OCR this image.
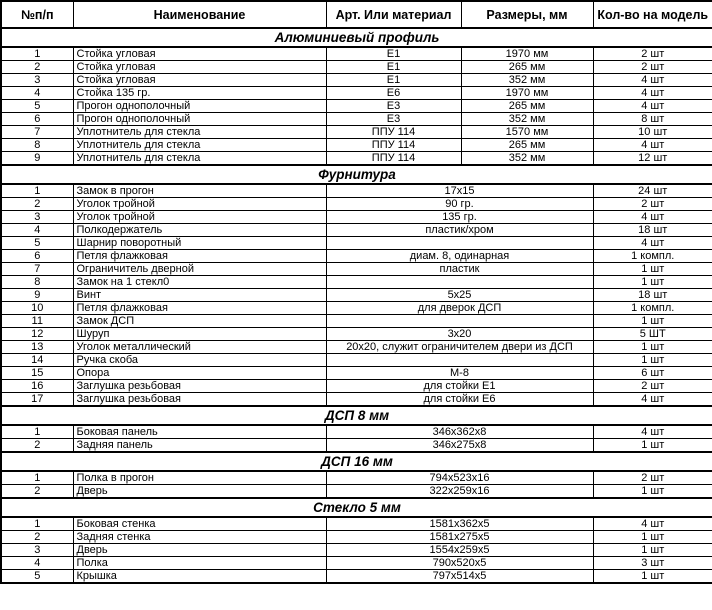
№п/п	Наименование	Арт. Или материал	Размеры, мм	Кол-во на модель
Алюминиевый профиль				
1	Стойка угловая	Е1	1970 мм	2 шт
2	Стойка угловая	Е1	265 мм	2 шт
3	Стойка угловая	Е1	352 мм	4 шт
4	Стойка 135 гр.	Е6	1970 мм	4 шт
5	Прогон однополочный	Е3	265 мм	4 шт
6	Прогон однополочный	Е3	352 мм	8 шт
7	Уплотнитель для стекла	ППУ 114	1570 мм	10 шт
8	Уплотнитель для стекла	ППУ 114	265 мм	4 шт
9	Уплотнитель для стекла	ППУ 114	352 мм	12 шт
Фурнитура				
1	Замок в прогон	17х15		24 шт
2	Уголок тройной	90 гр.		2 шт
3	Уголок тройной	135 гр.		4 шт
4	Полкодержатель	пластик/хром		18 шт
5	Шарнир поворотный			4 шт
6	Петля флажковая	диам. 8, одинарная		1 компл.
7	Ограничитель дверной	пластик		1 шт
8	Замок на 1 стекл0			1 шт
9	Винт	5х25		18 шт
10	Петля флажковая	для дверок ДСП		1 компл.
11	Замок ДСП			1 шт
12	Шуруп	3х20		5 ШТ
13	Уголок металлический	20х20, служит ограничителем двери из ДСП		1 шт
14	Ручка скоба			1 шт
15	Опора	М-8		6 шт
16	Заглушка резьбовая	для стойки Е1		2 шт
17	Заглушка резьбовая	для стойки Е6		4 шт
ДСП 8 мм				
1	Боковая панель	346х362х8		4 шт
2	Задняя панель	346х275х8		1 шт
ДСП 16 мм				
1	Полка в прогон	794х523х16		2 шт
2	Дверь	322х259х16		1 шт
Стекло 5 мм				
1	Боковая стенка	1581х362х5		4 шт
2	Задняя стенка	1581х275х5		1 шт
3	Дверь	1554х259х5		1 шт
4	Полка	790х520х5		3 шт
5	Крышка	797х514х5		1 шт
